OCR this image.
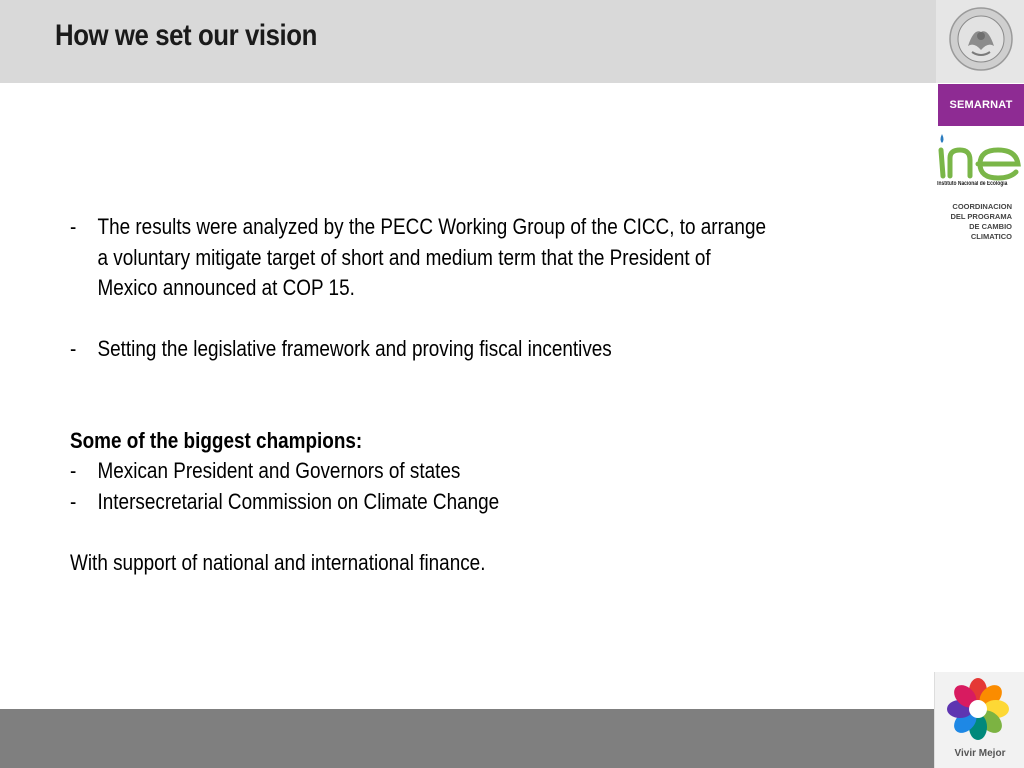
How we set our vision
SEMARNAT
Instituto Nacional de Ecología
COORDINACION
DEL PROGRAMA
DE CAMBIO
CLIMATICO
- The results were analyzed by the PECC Working Group of the CICC, to arrange a voluntary mitigate target of short and medium term that the President of Mexico announced at COP 15.
- Setting the legislative framework and proving fiscal incentives
Some of the biggest champions:
- Mexican President and Governors of states
- Intersecretarial Commission on Climate Change
With support of national and international finance.
Vivir Mejor
